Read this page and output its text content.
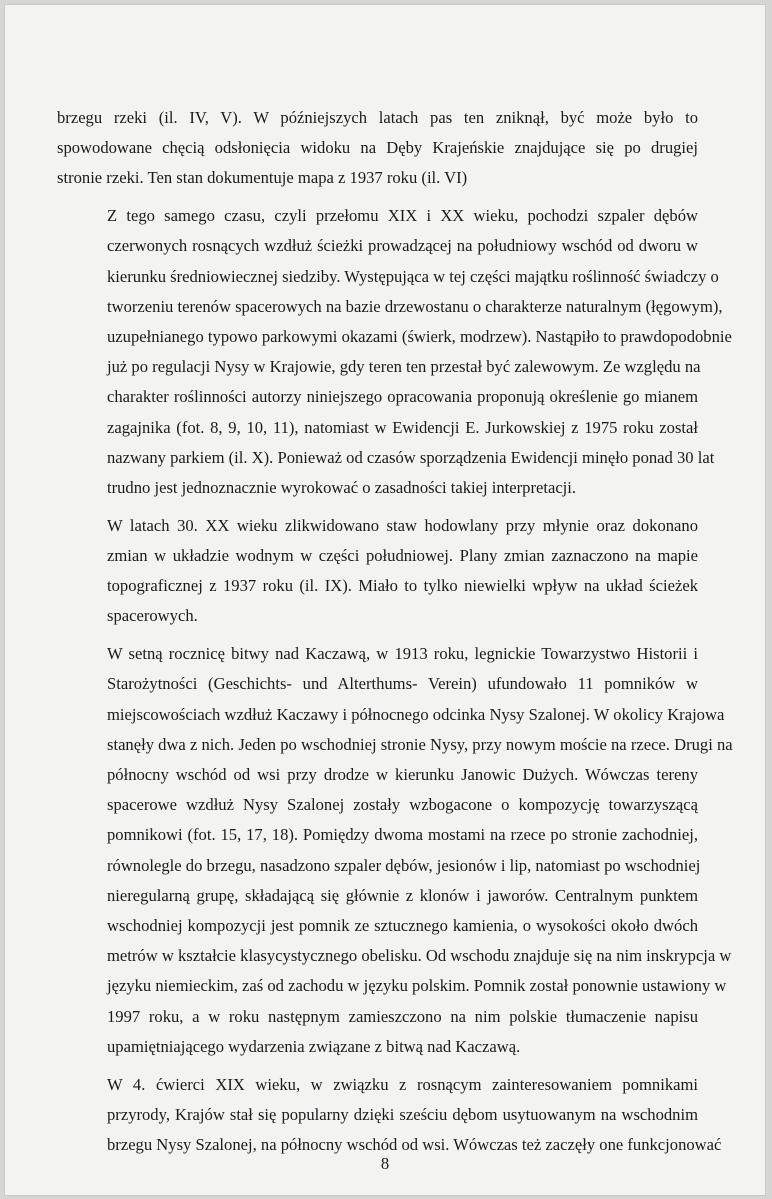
brzegu rzeki (il. IV, V). W późniejszych latach pas ten zniknął, być może było to
spowodowane chęcią odsłonięcia widoku na Dęby Krajeńskie znajdujące się po drugiej
stronie rzeki. Ten stan dokumentuje mapa z 1937 roku (il. VI)

Z tego samego czasu, czyli przełomu XIX i XX wieku, pochodzi szpaler dębów
czerwonych rosnących wzdłuż ścieżki prowadzącej na południowy wschód od dworu w
kierunku średniowiecznej siedziby. Występująca w tej części majątku roślinność świadczy o
tworzeniu terenów spacerowych na bazie drzewostanu o charakterze naturalnym (łęgowym),
uzupełnianego typowo parkowymi okazami (świerk, modrzew). Nastąpiło to prawdopodobnie
już po regulacji Nysy w Krajowie, gdy teren ten przestał być zalewowym. Ze względu na
charakter roślinności autorzy niniejszego opracowania proponują określenie go mianem
zagajnika (fot. 8, 9, 10, 11), natomiast w Ewidencji E. Jurkowskiej z 1975 roku został
nazwany parkiem (il. X). Ponieważ od czasów sporządzenia Ewidencji minęło ponad 30 lat
trudno jest jednoznacznie wyrokować o zasadności takiej interpretacji.

W latach 30. XX wieku zlikwidowano staw hodowlany przy młynie oraz dokonano
zmian w układzie wodnym w części południowej. Plany zmian zaznaczono na mapie
topograficznej z 1937 roku (il. IX). Miało to tylko niewielki wpływ na układ ścieżek
spacerowych.

W setną rocznicę bitwy nad Kaczawą, w 1913 roku, legnickie Towarzystwo Historii i
Starożytności (Geschichts- und Alterthums- Verein) ufundowało 11 pomników w
miejscowościach wzdłuż Kaczawy i północnego odcinka Nysy Szalonej. W okolicy Krajowa
stanęły dwa z nich. Jeden po wschodniej stronie Nysy, przy nowym moście na rzece. Drugi na
północny wschód od wsi przy drodze w kierunku Janowic Dużych. Wówczas tereny
spacerowe wzdłuż Nysy Szalonej zostały wzbogacone o kompozycję towarzyszącą
pomnikowi (fot. 15, 17, 18). Pomiędzy dwoma mostami na rzece po stronie zachodniej,
równolegle do brzegu, nasadzono szpaler dębów, jesionów i lip, natomiast po wschodniej
nieregularną grupę, składającą się głównie z klonów i jaworów. Centralnym punktem
wschodniej kompozycji jest pomnik ze sztucznego kamienia, o wysokości około dwóch
metrów w kształcie klasycystycznego obelisku. Od wschodu znajduje się na nim inskrypcja w
języku niemieckim, zaś od zachodu w języku polskim. Pomnik został ponownie ustawiony w
1997 roku, a w roku następnym zamieszczono na nim polskie tłumaczenie napisu
upamiętniającego wydarzenia związane z bitwą nad Kaczawą.

W 4. ćwierci XIX wieku, w związku z rosnącym zainteresowaniem pomnikami
przyrody, Krajów stał się popularny dzięki sześciu dębom usytuowanym na wschodnim
brzegu Nysy Szalonej, na północny wschód od wsi. Wówczas też zaczęły one funkcjonować

8
